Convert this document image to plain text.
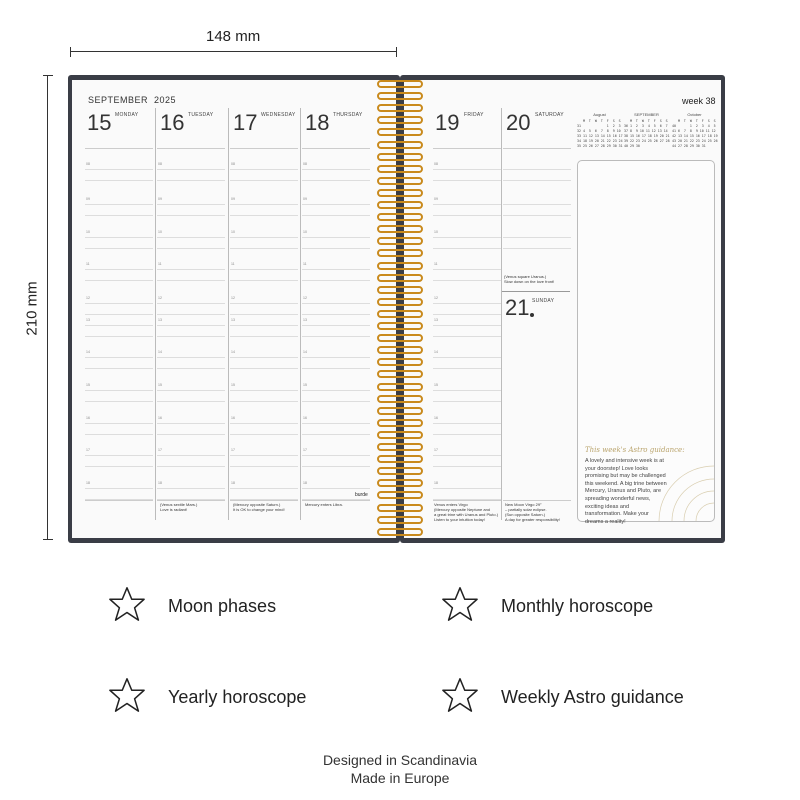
148 mm
210 mm
SEPTEMBER 2025
15 MONDAY
08
09
10
11
12
13
14
15
16
17
18
16 TUESDAY
(Venus sextile Mars.)
Love is radiant!
08
09
10
11
12
13
14
15
16
17
18
17 WEDNESDAY
(Mercury opposite Saturn.)
It is OK to change your mind!
08
09
10
11
12
13
14
15
16
17
18
18 THURSDAY
Mercury enters Libra.
08
09
10
11
12
13
14
15
16
17
18
burde
week 38
19 FRIDAY
Venus enters Virgo
(Mercury opposite Neptune and
a great trine with Uranus and Pluto.)
Listen to your intuition today!
08
09
10
11
12
13
14
15
16
17
18
20 SATURDAY
New Moon Virgo 29°
– partially solar eclipse.
(Sun opposite Saturn.)
A day for greater responsibility!
(Venus square Uranus.)
Slow down on the love front!
21 SUNDAY
August
M  T  W  T  F  S  S
31             1  2  3
32 4  5  6  7  8  9 10
33 11 12 13 14 15 16 17
34 18 19 20 21 22 23 24
35 25 26 27 28 29 30 31
SEPTEMBER
M  T  W  T  F  S  S
36 1  2  3  4  5  6  7
37 8  9 10 11 12 13 14
38 15 16 17 18 19 20 21
39 22 23 24 25 26 27 28
40 29 30
October
M  T  W  T  F  S  S
40       1  2  3  4  5
41 6  7  8  9 10 11 12
42 13 14 15 16 17 18 19
43 20 21 22 23 24 25 26
44 27 28 29 30 31
This week's Astro guidance:
A lovely and intensive week is at your doorstep! Love looks promising but may be challenged this weekend. A big trine between Mercury, Uranus and Pluto, are spreading wonderful news, exciting ideas and transformation. Make your dreams a reality!
Moon phases	Monthly horoscope
Yearly horoscope	Weekly Astro guidance
Designed in Scandinavia
Made in Europe
